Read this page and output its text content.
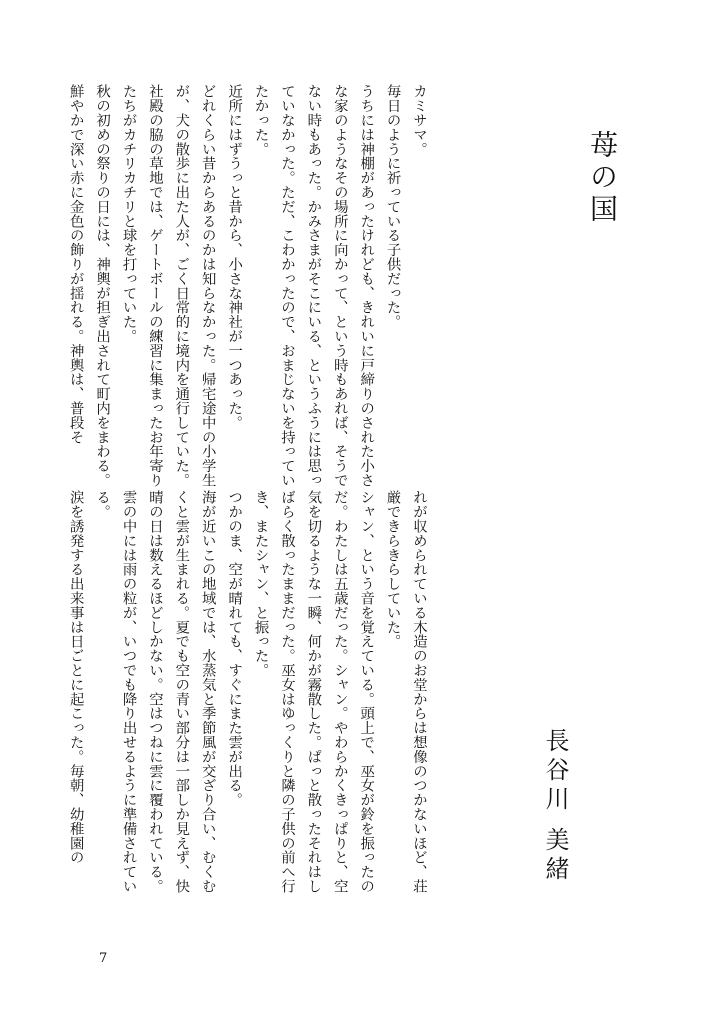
苺の国
長谷川美緒

カミサマ。

毎日のように祈っている子供だった。

うちには神棚があったけれども、きれいに戸締りのされた小さな家のようなその場所に向かって、という時もあれば、そうでない時もあった。かみさまがそこにいる、というふうには思っていなかった。ただ、こわかったので、おまじないを持っていたかった。

近所にはずうっと昔から、小さな神社が一つあった。

どれくらい昔からあるのかは知らなかった。帰宅途中の小学生が、犬の散歩に出た人が、ごく日常的に境内を通行していた。社殿の脇の草地では、ゲートボールの練習に集まったお年寄りたちがカチリカチリと球を打っていた。

秋の初めの祭りの日には、神輿が担ぎ出されて町内をまわる。鮮やかで深い赤に金色の飾りが揺れる。神輿は、普段そ

れが収められている木造のお堂からは想像のつかないほど、荘厳できらきらしていた。

シャン、という音を覚えている。頭上で、巫女が鈴を振ったのだ。わたしは五歳だった。シャン。やわらかくきっぱりと、空気を切るような一瞬、何かが霧散した。ぱっと散ったそれはしばらく散ったままだった。巫女はゆっくりと隣の子供の前へ行き、またシャン、と振った。

つかのま、空が晴れても、すぐにまた雲が出る。

海が近いこの地域では、水蒸気と季節風が交ざり合い、むくむくと雲が生まれる。夏でも空の青い部分は一部しか見えず、快晴の日は数えるほどしかない。空はつねに雲に覆われている。雲の中には雨の粒が、いつでも降り出せるように準備されている。

涙を誘発する出来事は日ごとに起こった。毎朝、幼稚園の

7
